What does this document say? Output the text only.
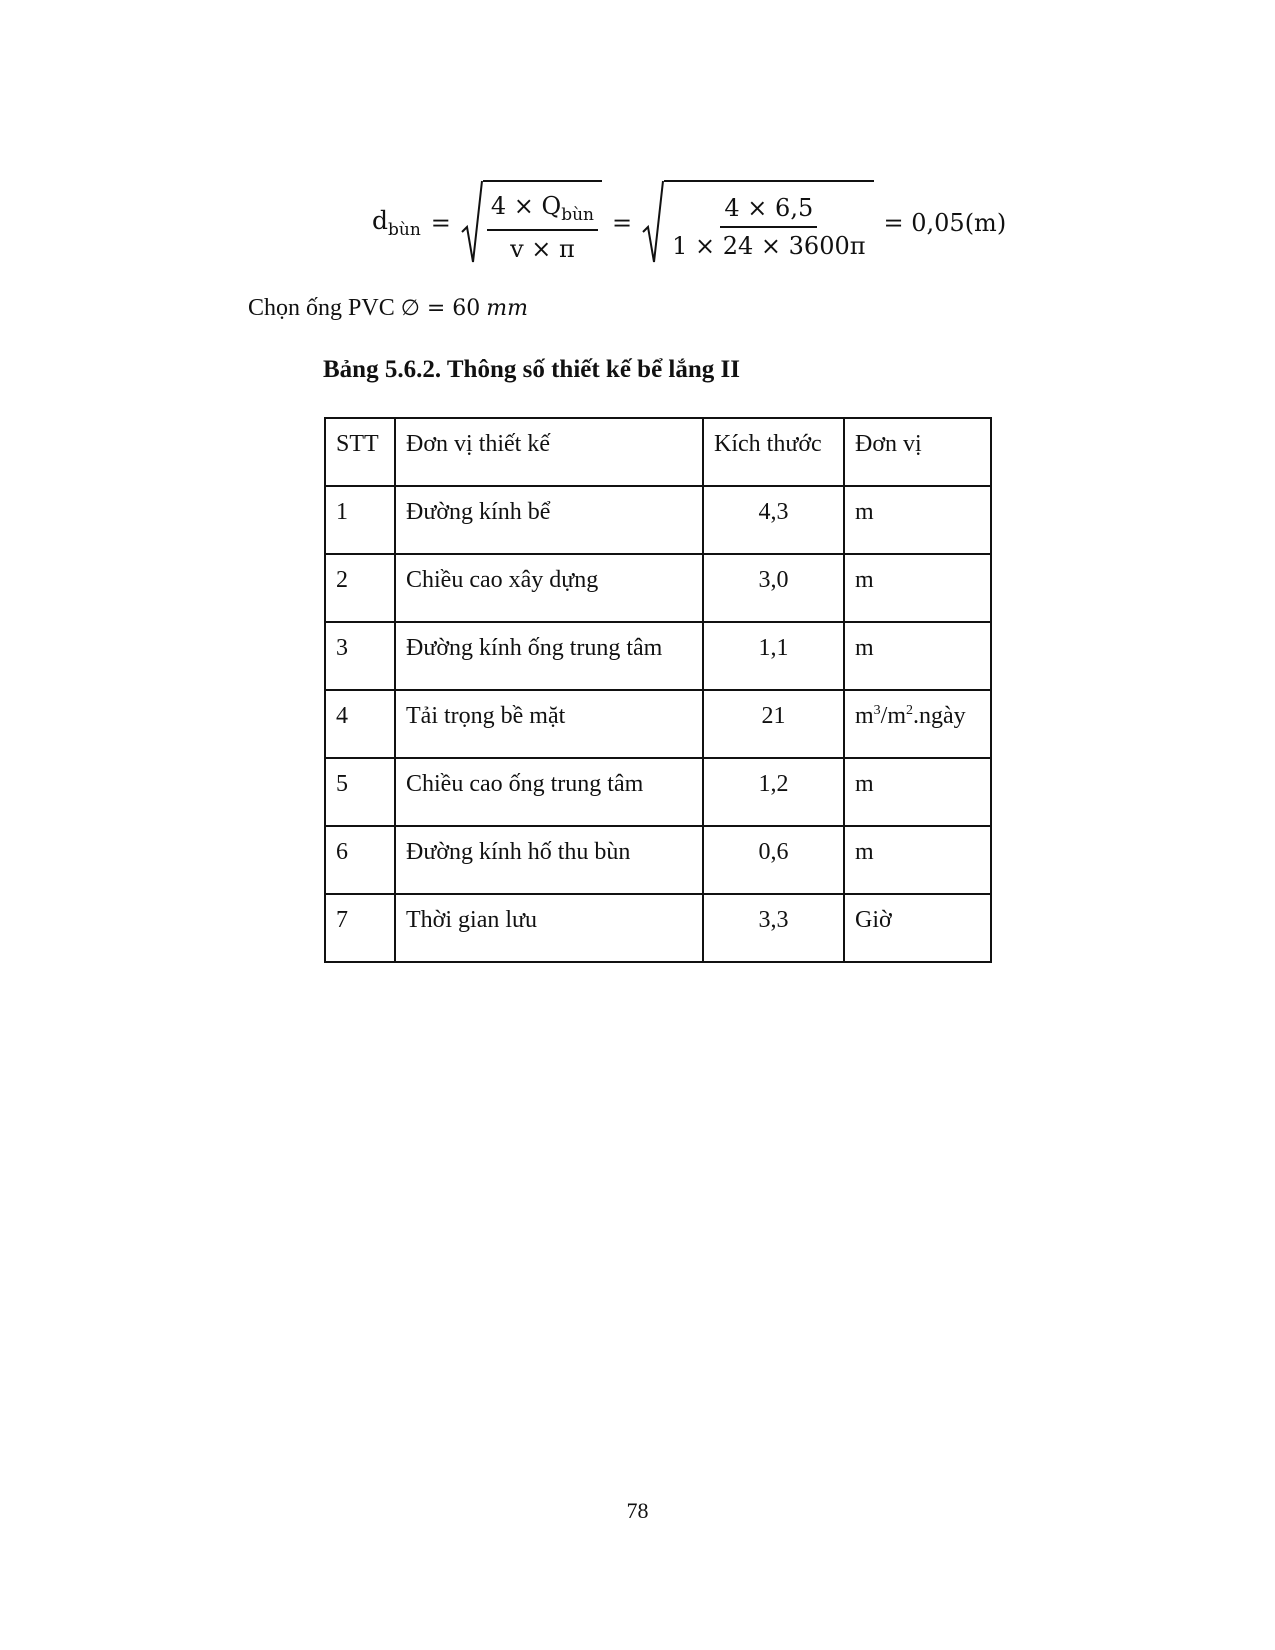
$d_{bùn} = \frac{4 \times Q_{bùn}}{v \times \pi} = \frac{4 \times 6,5}{1 \times 24 \times 3600\pi} = 0,05(m)$
Chọn ống PVC ∅ = 60 mm
Bảng 5.6.2. Thông số thiết kế bể lắng II
STT	Đơn vị thiết kế	Kích thước	Đơn vị
1	Đường kính bể	4,3	m
2	Chiều cao xây dựng	3,0	m
3	Đường kính ống trung tâm	1,1	m
4	Tải trọng bề mặt	21	$m^3/m^2.ngày$
5	Chiều cao ống trung tâm	1,2	m
6	Đường kính hố thu bùn	0,6	m
7	Thời gian lưu	3,3	Giờ
78
